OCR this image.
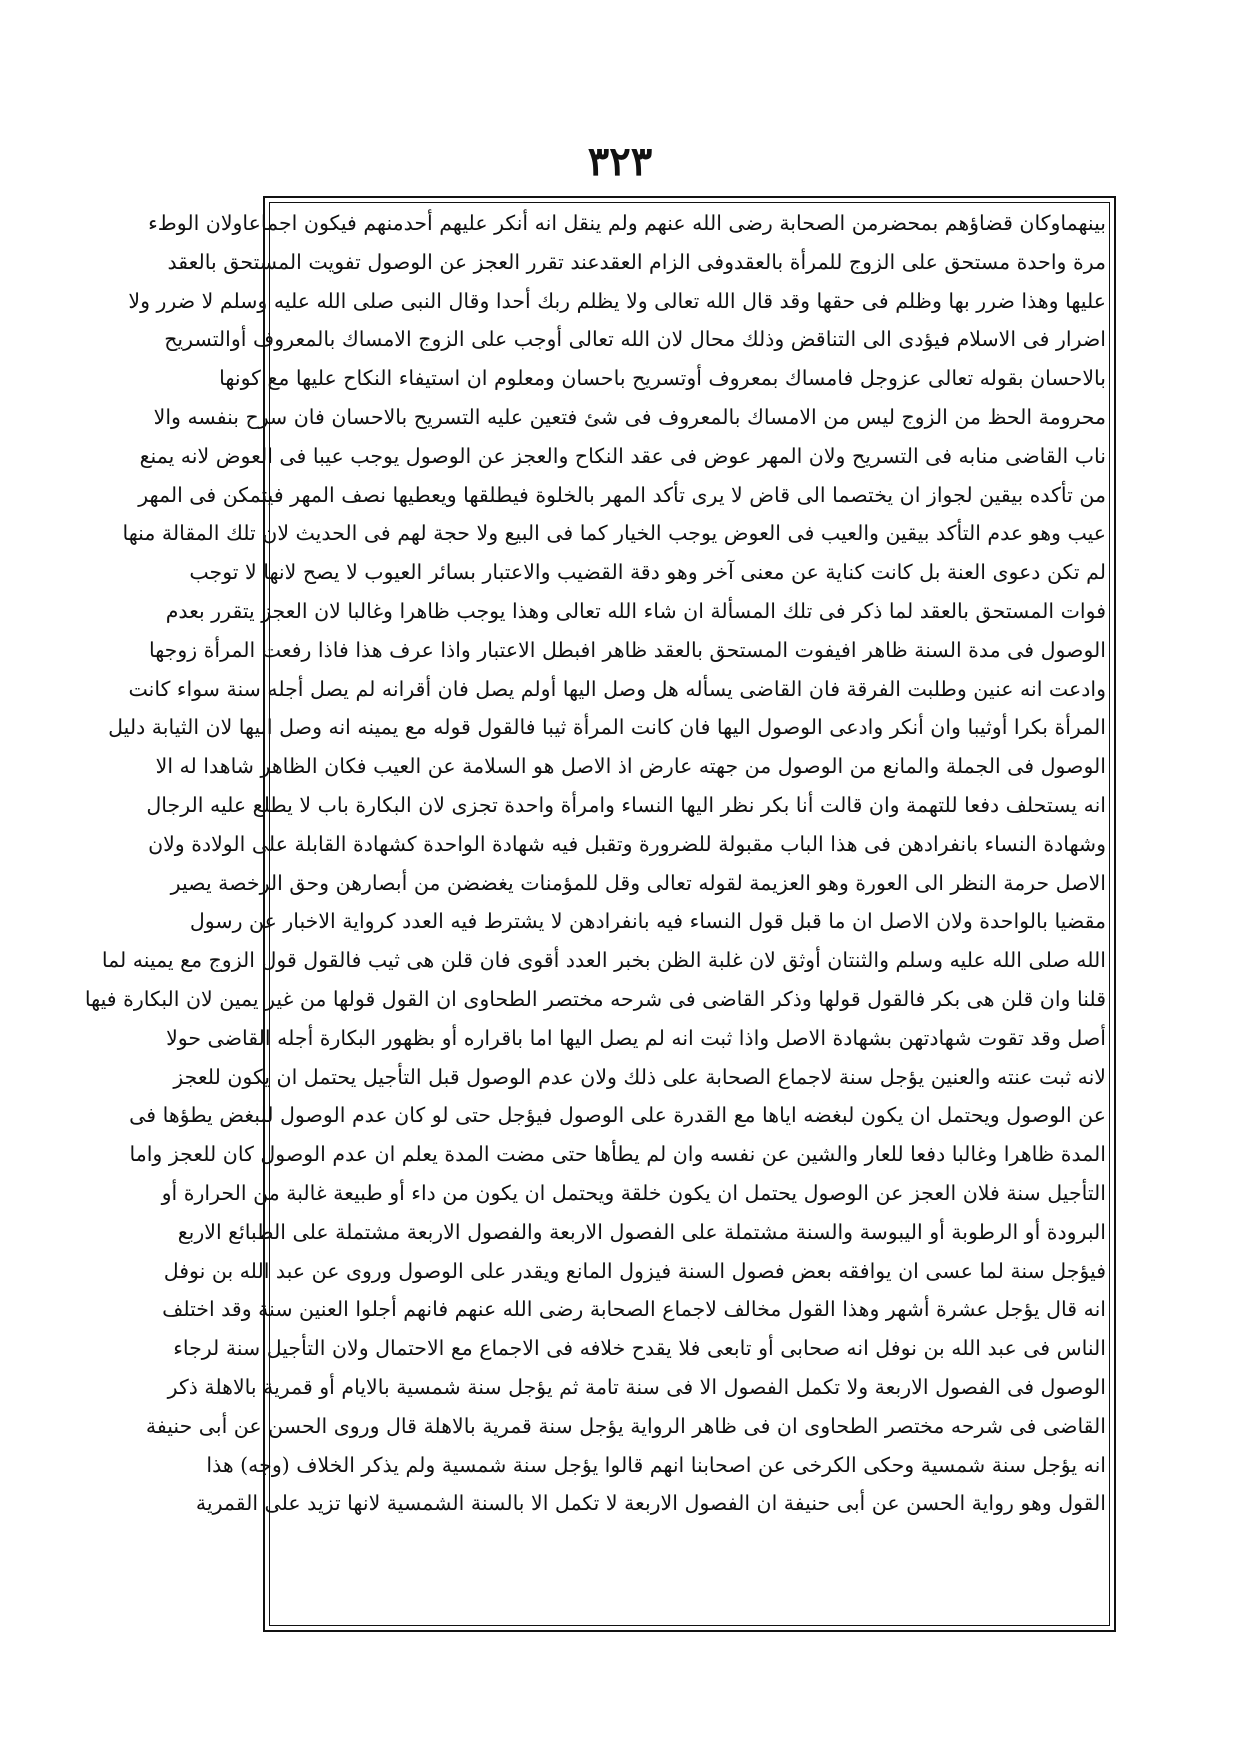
٣٢٣
بينهماوكان قضاؤهم بمحضرمن الصحابة رضى الله عنهم ولم ينقل انه أنكر عليهم أحدمنهم فيكون اجماعاولان الوطء
مرة واحدة مستحق على الزوج للمرأة بالعقدوفى الزام العقدعند تقرر العجز عن الوصول تفويت المستحق بالعقد
عليها وهذا ضرر بها وظلم فى حقها وقد قال الله تعالى ولا يظلم ربك أحدا وقال النبى صلى الله عليه وسلم لا ضرر ولا
اضرار فى الاسلام فيؤدى الى التناقض وذلك محال لان الله تعالى أوجب على الزوج الامساك بالمعروف أوالتسريح
بالاحسان بقوله تعالى عزوجل فامساك بمعروف أوتسريح باحسان ومعلوم ان استيفاء النكاح عليها مع كونها
محرومة الحظ من الزوج ليس من الامساك بالمعروف فى شئ فتعين عليه التسريح بالاحسان فان سرح بنفسه والا
ناب القاضى منابه فى التسريح ولان المهر عوض فى عقد النكاح والعجز عن الوصول يوجب عيبا فى العوض لانه يمنع
من تأكده بيقين لجواز ان يختصما الى قاض لا يرى تأكد المهر بالخلوة فيطلقها ويعطيها نصف المهر فيتمكن فى المهر
عيب وهو عدم التأكد بيقين والعيب فى العوض يوجب الخيار كما فى البيع ولا حجة لهم فى الحديث لان تلك المقالة منها
لم تكن دعوى العنة بل كانت كناية عن معنى آخر وهو دقة القضيب والاعتبار بسائر العيوب لا يصح لانها لا توجب
فوات المستحق بالعقد لما ذكر فى تلك المسألة ان شاء الله تعالى وهذا يوجب ظاهرا وغالبا لان العجز يتقرر بعدم
الوصول فى مدة السنة ظاهر افيفوت المستحق بالعقد ظاهر افبطل الاعتبار واذا عرف هذا فاذا رفعت المرأة زوجها
وادعت انه عنين وطلبت الفرقة فان القاضى يسأله هل وصل اليها أولم يصل فان أقرانه لم يصل أجله سنة سواء كانت
المرأة بكرا أوثيبا وان أنكر وادعى الوصول اليها فان كانت المرأة ثيبا فالقول قوله مع يمينه انه وصل اليها لان الثيابة دليل
الوصول فى الجملة والمانع من الوصول من جهته عارض اذ الاصل هو السلامة عن العيب فكان الظاهر شاهدا له الا
انه يستحلف دفعا للتهمة وان قالت أنا بكر نظر اليها النساء وامرأة واحدة تجزى لان البكارة باب لا يطلع عليه الرجال
وشهادة النساء بانفرادهن فى هذا الباب مقبولة للضرورة وتقبل فيه شهادة الواحدة كشهادة القابلة على الولادة ولان
الاصل حرمة النظر الى العورة وهو العزيمة لقوله تعالى وقل للمؤمنات يغضضن من أبصارهن وحق الرخصة يصير
مقضيا بالواحدة ولان الاصل ان ما قبل قول النساء فيه بانفرادهن لا يشترط فيه العدد كرواية الاخبار عن رسول
الله صلى الله عليه وسلم والثنتان أوثق لان غلبة الظن بخبر العدد أقوى فان قلن هى ثيب فالقول قول الزوج مع يمينه لما
قلنا وان قلن هى بكر فالقول قولها وذكر القاضى فى شرحه مختصر الطحاوى ان القول قولها من غير يمين لان البكارة فيها
أصل وقد تقوت شهادتهن بشهادة الاصل واذا ثبت انه لم يصل اليها اما باقراره أو بظهور البكارة أجله القاضى حولا
لانه ثبت عنته والعنين يؤجل سنة لاجماع الصحابة على ذلك ولان عدم الوصول قبل التأجيل يحتمل ان يكون للعجز
عن الوصول ويحتمل ان يكون لبغضه اياها مع القدرة على الوصول فيؤجل حتى لو كان عدم الوصول للبغض يطؤها فى
المدة ظاهرا وغالبا دفعا للعار والشين عن نفسه وان لم يطأها حتى مضت المدة يعلم ان عدم الوصول كان للعجز واما
التأجيل سنة فلان العجز عن الوصول يحتمل ان يكون خلقة ويحتمل ان يكون من داء أو طبيعة غالبة من الحرارة أو
البرودة أو الرطوبة أو اليبوسة والسنة مشتملة على الفصول الاربعة والفصول الاربعة مشتملة على الطبائع الاربع
فيؤجل سنة لما عسى ان يوافقه بعض فصول السنة فيزول المانع ويقدر على الوصول وروى عن عبد الله بن نوفل
انه قال يؤجل عشرة أشهر وهذا القول مخالف لاجماع الصحابة رضى الله عنهم فانهم أجلوا العنين سنة وقد اختلف
الناس فى عبد الله بن نوفل انه صحابى أو تابعى فلا يقدح خلافه فى الاجماع مع الاحتمال ولان التأجيل سنة لرجاء
الوصول فى الفصول الاربعة ولا تكمل الفصول الا فى سنة تامة ثم يؤجل سنة شمسية بالايام أو قمرية بالاهلة ذكر
القاضى فى شرحه مختصر الطحاوى ان فى ظاهر الرواية يؤجل سنة قمرية بالاهلة قال وروى الحسن عن أبى حنيفة
انه يؤجل سنة شمسية وحكى الكرخى عن اصحابنا انهم قالوا يؤجل سنة شمسية ولم يذكر الخلاف (وجه) هذا
القول وهو رواية الحسن عن أبى حنيفة ان الفصول الاربعة لا تكمل الا بالسنة الشمسية لانها تزيد على القمرية
